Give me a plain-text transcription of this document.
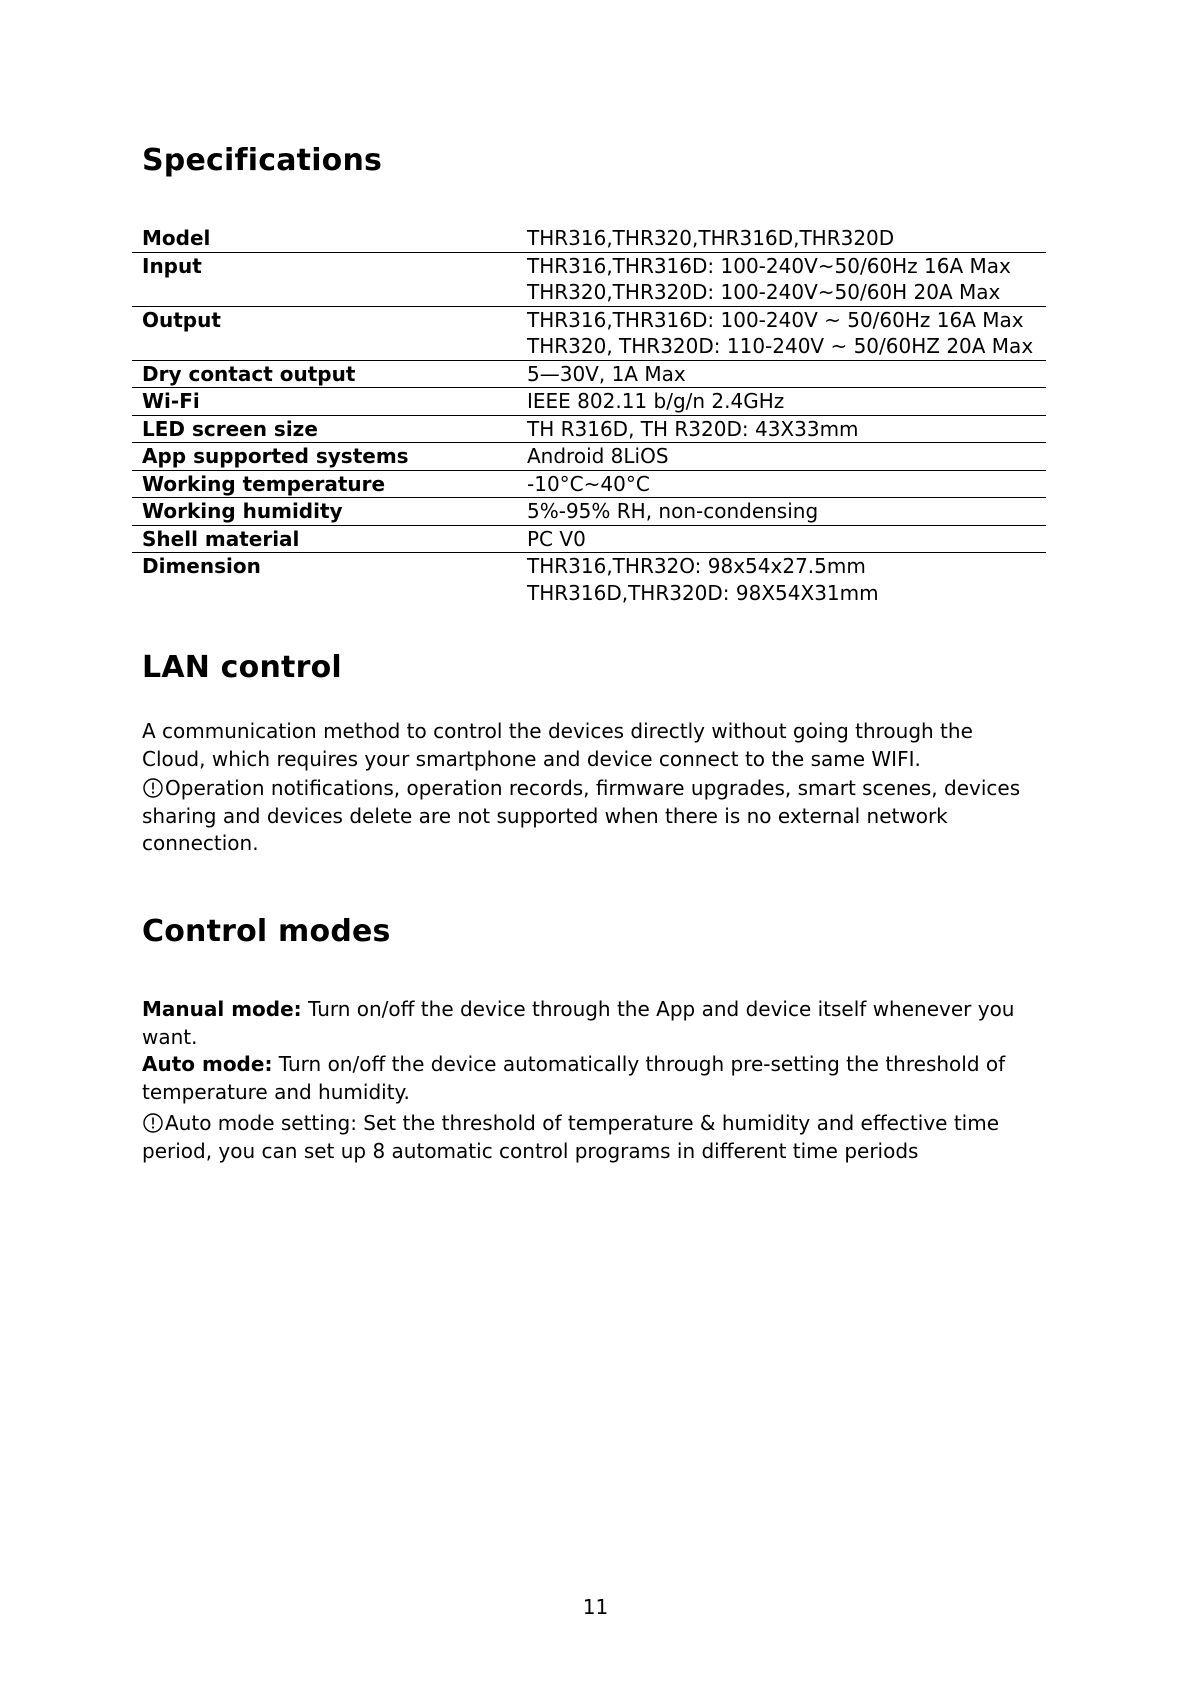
Specifications
Model	THR316,THR320,THR316D,THR320D

Input	THR316,THR316D: 100-240V~50/60Hz 16A Max
THR320,THR320D: 100-240V~50/60H 20A Max

Output	THR316,THR316D: 100-240V ~ 50/60Hz 16A Max
THR320, THR320D: 110-240V ~ 50/60HZ 20A Max

Dry contact output	5—30V, 1A Max

Wi-Fi	IEEE 802.11 b/g/n 2.4GHz

LED screen size	TH R316D, TH R320D: 43X33mm

App supported systems	Android 8LiOS

Working temperature	-10°C~40°C

Working humidity	5%-95% RH, non-condensing

Shell material	PC V0

Dimension	THR316,THR32O: 98x54x27.5mm
THR316D,THR320D: 98X54X31mm
LAN control
A communication method to control the devices directly without going through the
Cloud, which requires your smartphone and device connect to the same WIFI.
Operation notifications, operation records, firmware upgrades, smart scenes, devices
sharing and devices delete are not supported when there is no external network
connection.
Control modes
Manual mode: Turn on/off the device through the App and device itself whenever you
want.
Auto mode: Turn on/off the device automatically through pre-setting the threshold of
temperature and humidity.
Auto mode setting: Set the threshold of temperature & humidity and effective time
period, you can set up 8 automatic control programs in different time periods
11
